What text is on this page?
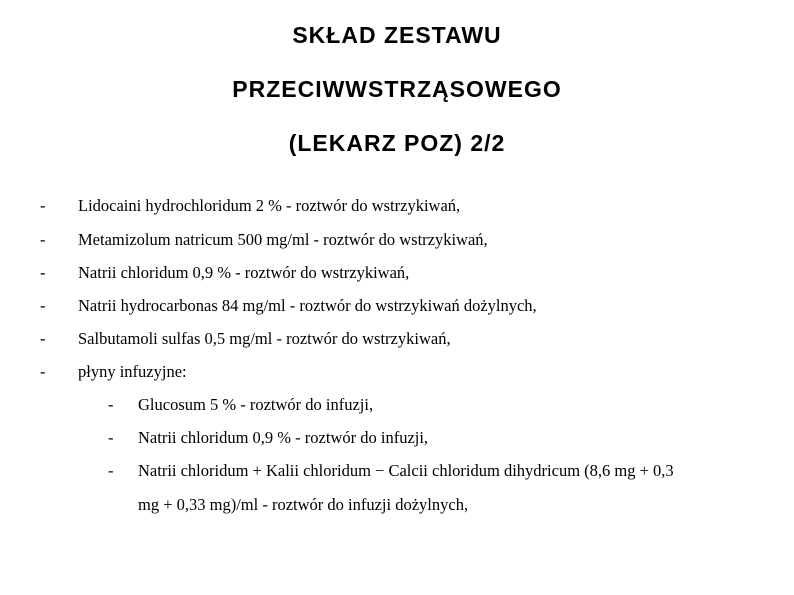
SKŁAD ZESTAWU
PRZECIWWSTRZĄSOWEGO
(LEKARZ POZ) 2/2
- Lidocaini hydrochloridum 2 % - roztwór do wstrzykiwań,
- Metamizolum natricum 500 mg/ml - roztwór do wstrzykiwań,
- Natrii chloridum 0,9 % - roztwór do wstrzykiwań,
- Natrii hydrocarbonas 84 mg/ml - roztwór do wstrzykiwań dożylnych,
- Salbutamoli sulfas 0,5 mg/ml - roztwór do wstrzykiwań,
- płyny infuzyjne:
- Glucosum 5 % - roztwór do infuzji,
- Natrii chloridum 0,9 % - roztwór do infuzji,
- Natrii chloridum + Kalii chloridum − Calcii chloridum dihydricum (8,6 mg + 0,3
mg + 0,33 mg)/ml - roztwór do infuzji dożylnych,
